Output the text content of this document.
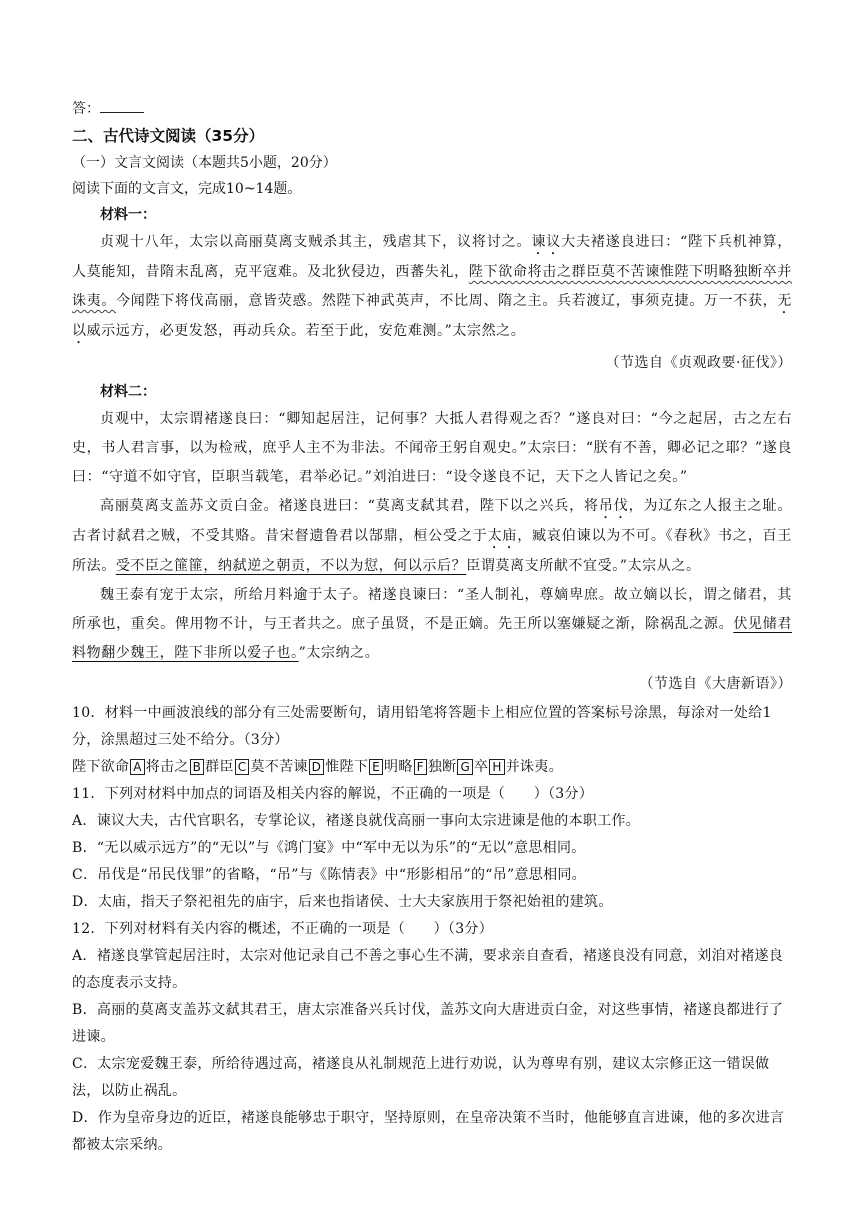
答：
二、古代诗文阅读（35分）
（一）文言文阅读（本题共5小题，20分）
阅读下面的文言文，完成10~14题。
材料一：

贞观十八年，太宗以高丽莫离支贼杀其主，残虐其下，议将讨之。谏议大夫褚遂良进曰：“陛下兵机神算，人莫能知，昔隋末乱离，克平寇难。及北狄侵边，西蕃失礼，陛下欲命将击之群臣莫不苦谏惟陛下明略独断卒并诛夷。今闻陛下将伐高丽，意皆荧惑。然陛下神武英声，不比周、隋之主。兵若渡辽，事须克捷。万一不获，无以威示远方，必更发怒，再动兵众。若至于此，安危难测。”太宗然之。

（节选自《贞观政要·征伐》）
材料二：

贞观中，太宗谓褚遂良曰：“卿知起居注，记何事？大抵人君得观之否？”遂良对曰：“今之起居，古之左右史，书人君言事，以为检戒，庶乎人主不为非法。不闻帝王躬自观史。”太宗曰：“朕有不善，卿必记之耶？”遂良曰：“守道不如守官，臣职当载笔，君举必记。”刘洎进曰：“设令遂良不记，天下之人皆记之矣。”

高丽莫离支盖苏文贡白金。褚遂良进曰：“莫离支弑其君，陛下以之兴兵，将吊伐，为辽东之人报主之耻。古者讨弑君之贼，不受其赂。昔宋督遗鲁君以郜鼎，桓公受之于太庙，臧哀伯谏以为不可。《春秋》书之，百王所法。受不臣之篚篚，纳弑逆之朝贡，不以为愆，何以示后？臣谓莫离支所献不宜受。”太宗从之。

魏王泰有宠于太宗，所给月料逾于太子。褚遂良谏曰：“圣人制礼，尊嫡卑庶。故立嫡以长，谓之储君，其所承也，重矣。俾用物不计，与王者共之。庶子虽贤，不是正嫡。先王所以塞嫌疑之渐，除祸乱之源。伏见储君料物翻少魏王，陛下非所以爱子也。”太宗纳之。

（节选自《大唐新语》）

10．材料一中画波浪线的部分有三处需要断句，请用铅笔将答题卡上相应位置的答案标号涂黑，每涂对一处给1分，涂黑超过三处不给分。（3分）

陛下欲命 A 将击之 B 群臣 C 莫不苦谏 D 惟陛下 E 明略 F 独断 G 卒 H 并诛夷。

11．下列对材料中加点的词语及相关内容的解说，不正确的一项是（　　）（3分）

A．谏议大夫，古代官职名，专掌论议，褚遂良就伐高丽一事向太宗进谏是他的本职工作。

B．“无以威示远方”的“无以”与《鸿门宴》中“军中无以为乐”的“无以”意思相同。

C．吊伐是“吊民伐罪”的省略，“吊”与《陈情表》中“形影相吊”的“吊”意思相同。

D．太庙，指天子祭祀祖先的庙宇，后来也指诸侯、士大夫家族用于祭祀始祖的建筑。

12．下列对材料有关内容的概述，不正确的一项是（　　）（3分）

A．褚遂良掌管起居注时，太宗对他记录自己不善之事心生不满，要求亲自查看，褚遂良没有同意，刘洎对褚遂良的态度表示支持。

B．高丽的莫离支盖苏文弑其君王，唐太宗准备兴兵讨伐，盖苏文向大唐进贡白金，对这些事情，褚遂良都进行了进谏。

C．太宗宠爱魏王泰，所给待遇过高，褚遂良从礼制规范上进行劝说，认为尊卑有别，建议太宗修正这一错误做法，以防止祸乱。

D．作为皇帝身边的近臣，褚遂良能够忠于职守，坚持原则，在皇帝决策不当时，他能够直言进谏，他的多次进言都被太宗采纳。
